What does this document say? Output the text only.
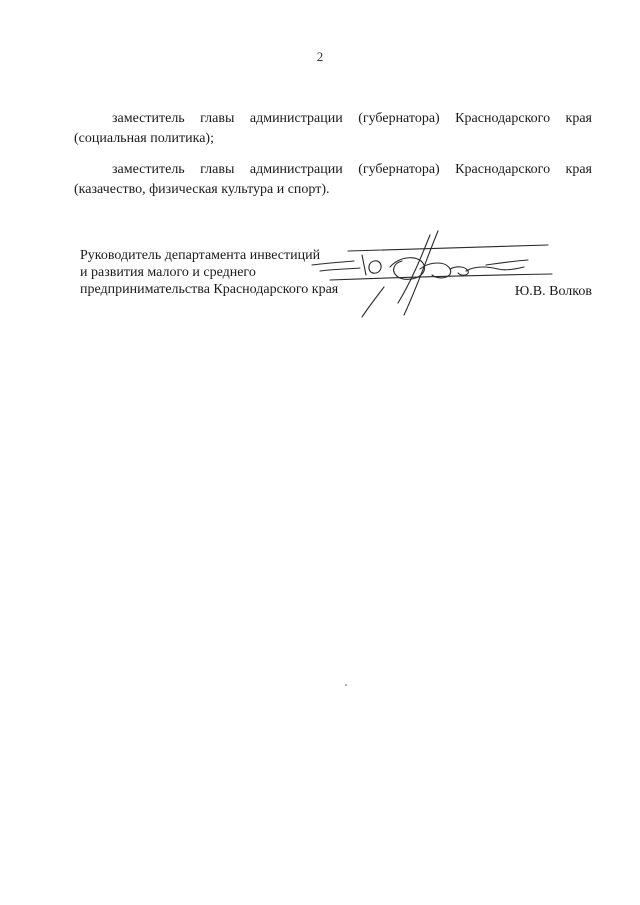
2

заместитель главы администрации (губернатора) Краснодарского края (социальная политика);

заместитель главы администрации (губернатора) Краснодарского края (казачество, физическая культура и спорт).

Руководитель департамента инвестиций
и развития малого и среднего
предпринимательства Краснодарского края	Ю.В. Волков
